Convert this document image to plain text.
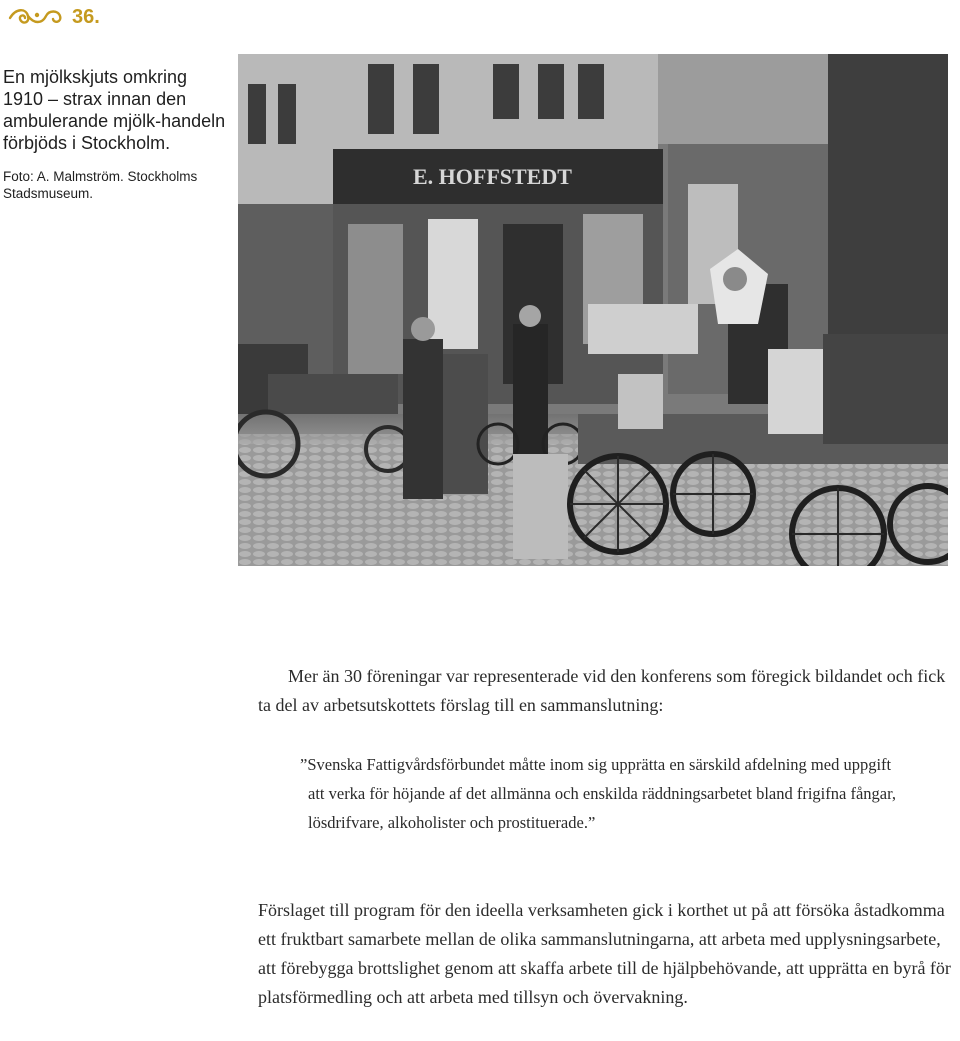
36.

En mjölkskjuts omkring 1910 – strax innan den ambulerande mjölk-handeln förbjöds i Stockholm.

Foto: A. Malmström. Stockholms Stadsmuseum.

E. HOFFSTEDT

Mer än 30 föreningar var representerade vid den konferens som föregick bildandet och fick ta del av arbetsutskottets förslag till en sammanslutning:

”Svenska Fattigvårdsförbundet måtte inom sig upprätta en särskild afdelning med uppgift att verka för höjande af det allmänna och enskilda räddningsarbetet bland frigifna fångar, lösdrifvare, alkoholister och prostituerade.”

Förslaget till program för den ideella verksamheten gick i korthet ut på att försöka åstadkomma ett fruktbart samarbete mellan de olika sammanslutningarna, att arbeta med upplysningsarbete, att förebygga brottslighet genom att skaffa arbete till de hjälpbehövande, att upprätta en byrå för platsförmedling och att arbeta med tillsyn och övervakning.
